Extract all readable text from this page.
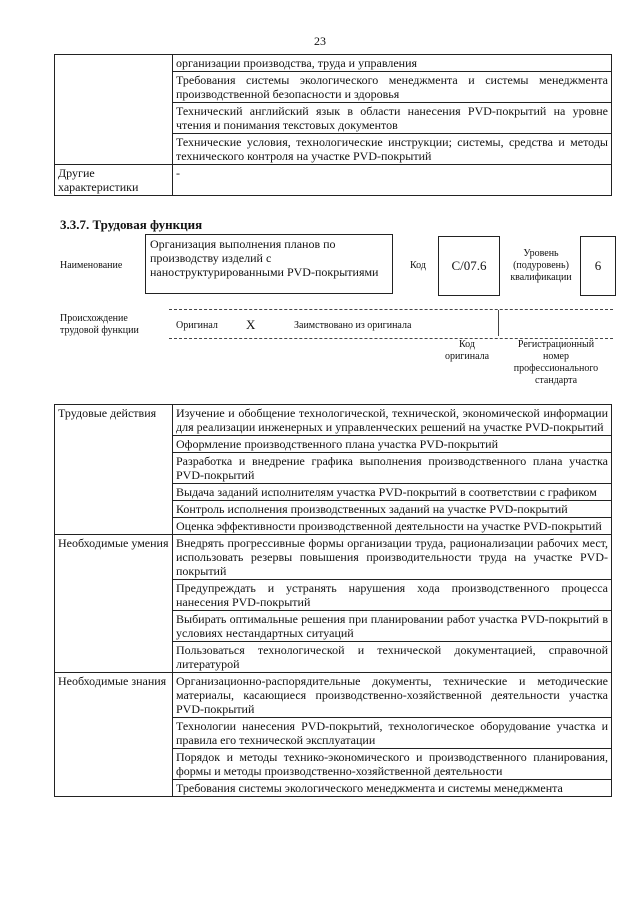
23
	организации производства, труда и управления
	Требования системы экологического менеджмента и системы менеджмента производственной безопасности и здоровья
	Технический английский язык в области нанесения PVD-покрытий на уровне чтения и понимания текстовых документов
	Технические условия, технологические инструкции; системы, средства и методы технического контроля на участке PVD-покрытий
Другие характеристики	-
3.3.7. Трудовая функция
Наименование
Организация выполнения планов по производству изделий с наноструктурированными PVD-покрытиями	Код	C/07.6
Уровень (подуровень) квалификации
6
Происхождение трудовой функции	Оригинал X	Заимствовано из оригинала
Код оригинала
Регистрационный номер профессионального стандарта
Трудовые действия	Изучение и обобщение технологической, технической, экономической информации для реализации инженерных и управленческих решений на участке PVD-покрытий
	Оформление производственного плана участка PVD-покрытий
	Разработка и внедрение графика выполнения производственного плана участка PVD-покрытий
	Выдача заданий исполнителям участка PVD-покрытий в соответствии с графиком
	Контроль исполнения производственных заданий на участке PVD-покрытий
	Оценка эффективности производственной деятельности на участке PVD-покрытий
Необходимые умения	Внедрять прогрессивные формы организации труда, рационализации рабочих мест, использовать резервы повышения производительности труда на участке PVD-покрытий
	Предупреждать и устранять нарушения хода производственного процесса нанесения PVD-покрытий
	Выбирать оптимальные решения при планировании работ участка PVD-покрытий в условиях нестандартных ситуаций
	Пользоваться технологической и технической документацией, справочной литературой
Необходимые знания	Организационно-распорядительные документы, технические и методические материалы, касающиеся производственно-хозяйственной деятельности участка PVD-покрытий
	Технологии нанесения PVD-покрытий, технологическое оборудование участка и правила его технической эксплуатации
	Порядок и методы технико-экономического и производственного планирования, формы и методы производственно-хозяйственной деятельности
	Требования системы экологического менеджмента и системы менеджмента
